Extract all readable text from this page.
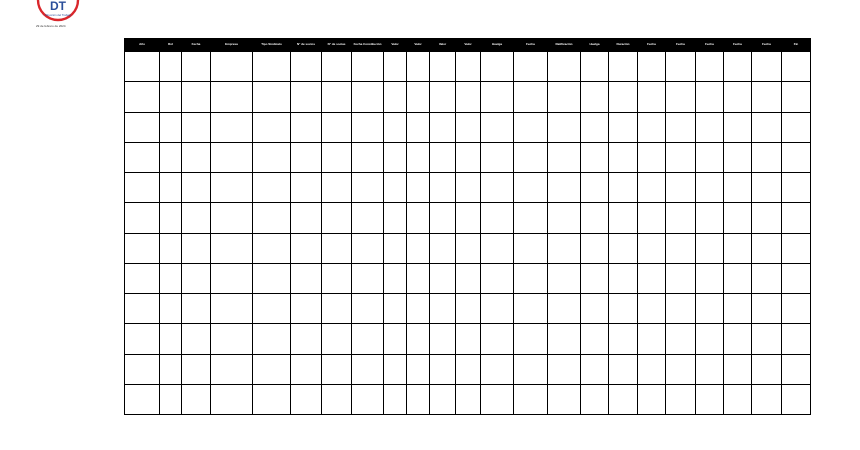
DT
Dirección del Trabajo
29 de febrero de 2024
Año	Rol	Fecha	Empresa	Tipo Sindicato	N° de socios	N° de socias	Fecha Constitución	Valor	Valor	Valor	Valor	Huelga	Fecha	Ratificación	Huelga	Duración	Fecha	Fecha	Fecha	Fecha	Fecha	Fin	
